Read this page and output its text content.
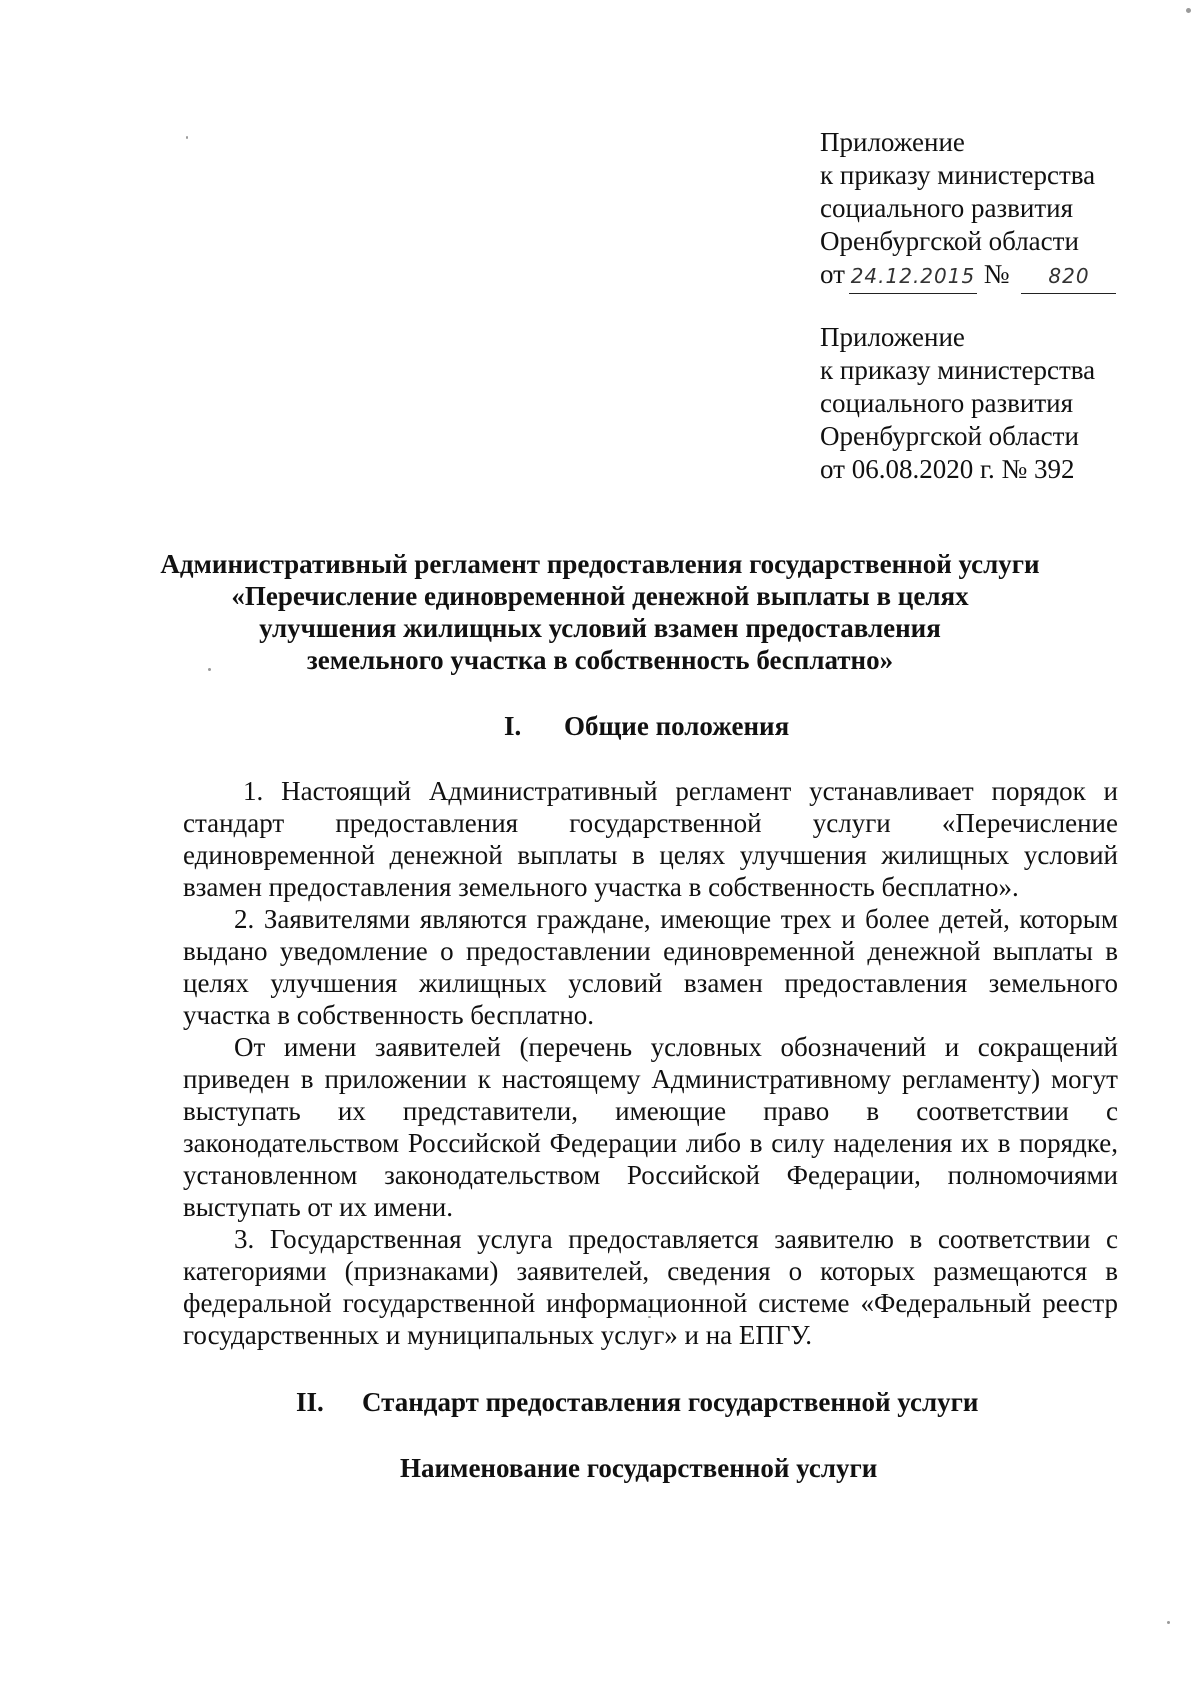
Приложение
к приказу министерства
социального развития
Оренбургской области
от 24.12.2015 № 820
Приложение
к приказу министерства
социального развития
Оренбургской области
от 06.08.2020 г. № 392
Административный регламент предоставления государственной услуги
«Перечисление единовременной денежной выплаты в целях
улучшения жилищных условий взамен предоставления
земельного участка в собственность бесплатно»
I. Общие положения

1. Настоящий Административный регламент устанавливает порядок и стандарт предоставления государственной услуги «Перечисление единовременной денежной выплаты в целях улучшения жилищных условий взамен предоставления земельного участка в собственность бесплатно».

2. Заявителями являются граждане, имеющие трех и более детей, которым выдано уведомление о предоставлении единовременной денежной выплаты в целях улучшения жилищных условий взамен предоставления земельного участка в собственность бесплатно.

От имени заявителей (перечень условных обозначений и сокращений приведен в приложении к настоящему Административному регламенту) могут выступать их представители, имеющие право в соответствии с законодательством Российской Федерации либо в силу наделения их в порядке, установленном законодательством Российской Федерации, полномочиями выступать от их имени.

3. Государственная услуга предоставляется заявителю в соответствии с категориями (признаками) заявителей, сведения о которых размещаются в федеральной государственной информационной системе «Федеральный реестр государственных и муниципальных услуг» и на ЕПГУ.

II. Стандарт предоставления государственной услуги
Наименование государственной услуги
